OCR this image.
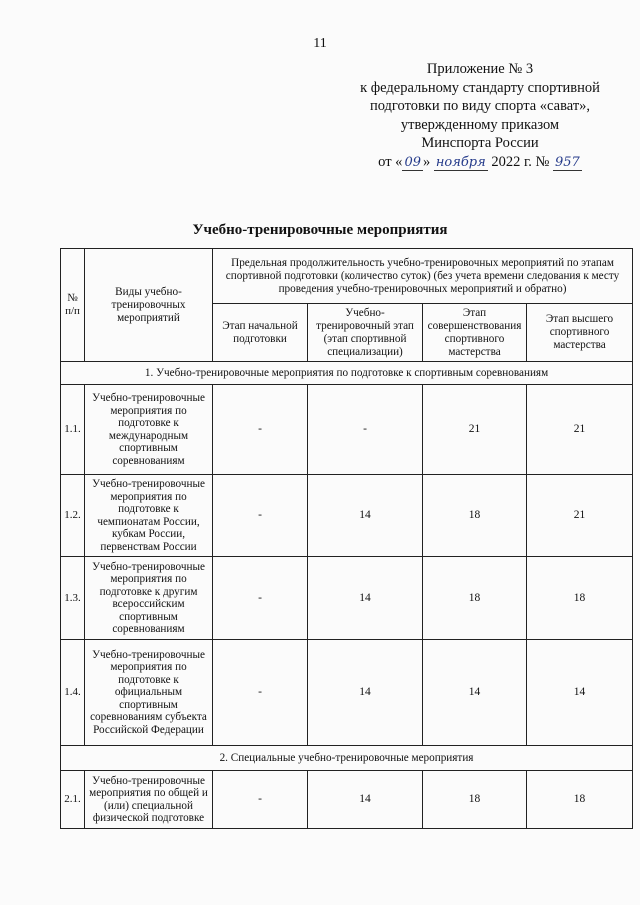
11
Приложение № 3
к федеральному стандарту спортивной
подготовки по виду спорта «сават»,
утвержденному приказом
Минспорта России
от « 09 » ноября 2022 г. № 957
Учебно-тренировочные мероприятия
№ п/п	Виды учебно-тренировочных мероприятий	Предельная продолжительность учебно-тренировочных мероприятий по этапам спортивной подготовки (количество суток) (без учета времени следования к месту проведения учебно-тренировочных мероприятий и обратно)			
		Этап начальной подготовки	Учебно-тренировочный этап (этап спортивной специализации)	Этап совершенствования спортивного мастерства	Этап высшего спортивного мастерства
1. Учебно-тренировочные мероприятия по подготовке к спортивным соревнованиям					
1.1.	Учебно-тренировочные мероприятия по подготовке к международным спортивным соревнованиям	-	-	21	21
1.2.	Учебно-тренировочные мероприятия по подготовке к чемпионатам России, кубкам России, первенствам России	-	14	18	21
1.3.	Учебно-тренировочные мероприятия по подготовке к другим всероссийским спортивным соревнованиям	-	14	18	18
1.4.	Учебно-тренировочные мероприятия по подготовке к официальным спортивным соревнованиям субъекта Российской Федерации	-	14	14	14
2. Специальные учебно-тренировочные мероприятия					
2.1.	Учебно-тренировочные мероприятия по общей и (или) специальной физической подготовке	-	14	18	18
